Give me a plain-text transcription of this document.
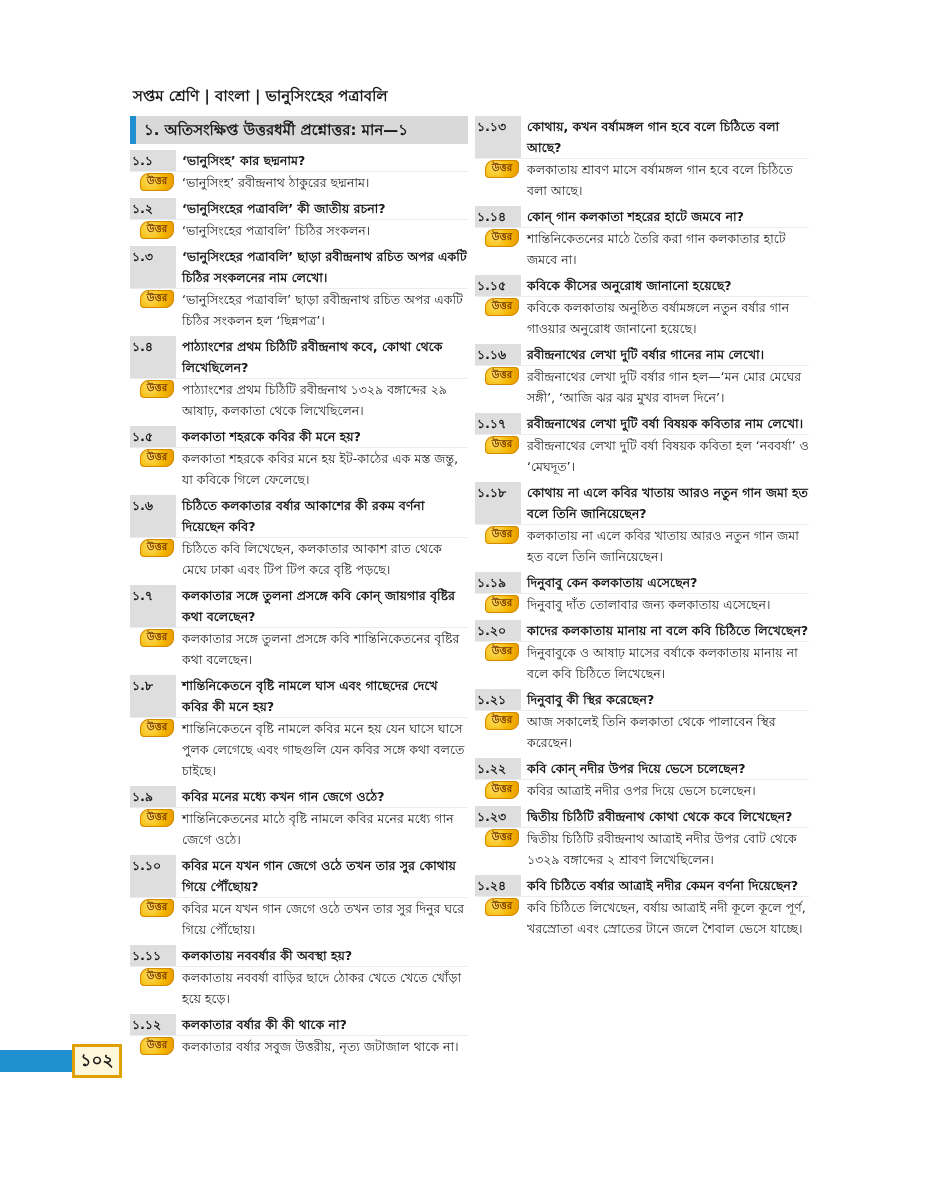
সপ্তম শ্রেণি | বাংলা | ভানুসিংহের পত্রাবলি
১. অতিসংক্ষিপ্ত উত্তরধর্মী প্রশ্নোত্তর: মান—১
১.১	‘ভানুসিংহ’ কার ছদ্মনাম?
উত্তর	‘ভানুসিংহ’ রবীন্দ্রনাথ ঠাকুরের ছদ্মনাম।
১.২	‘ভানুসিংহের পত্রাবলি’ কী জাতীয় রচনা?
উত্তর	‘ভানুসিংহের পত্রাবলি’ চিঠির সংকলন।
১.৩	‘ভানুসিংহের পত্রাবলি’ ছাড়া রবীন্দ্রনাথ রচিত অপর একটি চিঠির সংকলনের নাম লেখো।
উত্তর	‘ভানুসিংহের পত্রাবলি’ ছাড়া রবীন্দ্রনাথ রচিত অপর একটি চিঠির সংকলন হল ‘ছিন্নপত্র’।
১.৪	পাঠ্যাংশের প্রথম চিঠিটি রবীন্দ্রনাথ কবে, কোথা থেকে লিখেছিলেন?
উত্তর	পাঠ্যাংশের প্রথম চিঠিটি রবীন্দ্রনাথ ১৩২৯ বঙ্গাব্দের ২৯ আষাঢ়, কলকাতা থেকে লিখেছিলেন।
১.৫	কলকাতা শহরকে কবির কী মনে হয়?
উত্তর	কলকাতা শহরকে কবির মনে হয় ইট-কাঠের এক মস্ত জন্তু, যা কবিকে গিলে ফেলেছে।
১.৬	চিঠিতে কলকাতার বর্ষার আকাশের কী রকম বর্ণনা দিয়েছেন কবি?
উত্তর	চিঠিতে কবি লিখেছেন, কলকাতার আকাশ রাত থেকে মেঘে ঢাকা এবং টিপ টিপ করে বৃষ্টি পড়ছে।
১.৭	কলকাতার সঙ্গে তুলনা প্রসঙ্গে কবি কোন্ জায়গার বৃষ্টির কথা বলেছেন?
উত্তর	কলকাতার সঙ্গে তুলনা প্রসঙ্গে কবি শান্তিনিকেতনের বৃষ্টির কথা বলেছেন।
১.৮	শান্তিনিকেতনে বৃষ্টি নামলে ঘাস এবং গাছেদের দেখে কবির কী মনে হয়?
উত্তর	শান্তিনিকেতনে বৃষ্টি নামলে কবির মনে হয় যেন ঘাসে ঘাসে পুলক লেগেছে এবং গাছগুলি যেন কবির সঙ্গে কথা বলতে চাইছে।
১.৯	কবির মনের মধ্যে কখন গান জেগে ওঠে?
উত্তর	শান্তিনিকেতনের মাঠে বৃষ্টি নামলে কবির মনের মধ্যে গান জেগে ওঠে।
১.১০	কবির মনে যখন গান জেগে ওঠে তখন তার সুর কোথায় গিয়ে পৌঁছোয়?
উত্তর	কবির মনে যখন গান জেগে ওঠে তখন তার সুর দিনুর ঘরে গিয়ে পৌঁছোয়।
১.১১	কলকাতায় নববর্ষার কী অবস্থা হয়?
উত্তর	কলকাতায় নববর্ষা বাড়ির ছাদে ঠোকর খেতে খেতে খোঁড়া হয়ে হড়ে।
১.১২	কলকাতার বর্ষার কী কী থাকে না?
উত্তর	কলকাতার বর্ষার সবুজ উত্তরীয়, নৃত্য জটাজাল থাকে না।
১.১৩	কোথায়, কখন বর্ষামঙ্গল গান হবে বলে চিঠিতে বলা আছে?
উত্তর	কলকাতায় শ্রাবণ মাসে বর্ষামঙ্গল গান হবে বলে চিঠিতে বলা আছে।
১.১৪	কোন্ গান কলকাতা শহরের হাটে জমবে না?
উত্তর	শান্তিনিকেতনের মাঠে তৈরি করা গান কলকাতার হাটে জমবে না।
১.১৫	কবিকে কীসের অনুরোধ জানানো হয়েছে?
উত্তর	কবিকে কলকাতায় অনুষ্ঠিত বর্ষামঙ্গলে নতুন বর্ষার গান গাওয়ার অনুরোধ জানানো হয়েছে।
১.১৬	রবীন্দ্রনাথের লেখা দুটি বর্ষার গানের নাম লেখো।
উত্তর	রবীন্দ্রনাথের লেখা দুটি বর্ষার গান হল—‘মন মোর মেঘের সঙ্গী’, ‘আজি ঝর ঝর মুখর বাদল দিনে’।
১.১৭	রবীন্দ্রনাথের লেখা দুটি বর্ষা বিষয়ক কবিতার নাম লেখো।
উত্তর	রবীন্দ্রনাথের লেখা দুটি বর্ষা বিষয়ক কবিতা হল ‘নববর্ষা’ ও ‘মেঘদূত’।
১.১৮	কোথায় না এলে কবির খাতায় আরও নতুন গান জমা হত বলে তিনি জানিয়েছেন?
উত্তর	কলকাতায় না এলে কবির খাতায় আরও নতুন গান জমা হত বলে তিনি জানিয়েছেন।
১.১৯	দিনুবাবু কেন কলকাতায় এসেছেন?
উত্তর	দিনুবাবু দাঁত তোলাবার জন্য কলকাতায় এসেছেন।
১.২০	কাদের কলকাতায় মানায় না বলে কবি চিঠিতে লিখেছেন?
উত্তর	দিনুবাবুকে ও আষাঢ় মাসের বর্ষাকে কলকাতায় মানায় না বলে কবি চিঠিতে লিখেছেন।
১.২১	দিনুবাবু কী স্থির করেছেন?
উত্তর	আজ সকালেই তিনি কলকাতা থেকে পালাবেন স্থির করেছেন।
১.২২	কবি কোন্ নদীর উপর দিয়ে ভেসে চলেছেন?
উত্তর	কবির আত্রাই নদীর ওপর দিয়ে ভেসে চলেছেন।
১.২৩	দ্বিতীয় চিঠিটি রবীন্দ্রনাথ কোথা থেকে কবে লিখেছেন?
উত্তর	দ্বিতীয় চিঠিটি রবীন্দ্রনাথ আত্রাই নদীর উপর বোট থেকে ১৩২৯ বঙ্গাব্দের ২ শ্রাবণ লিখেছিলেন।
১.২৪	কবি চিঠিতে বর্ষার আত্রাই নদীর কেমন বর্ণনা দিয়েছেন?
উত্তর	কবি চিঠিতে লিখেছেন, বর্ষায় আত্রাই নদী কূলে কূলে পূর্ণ, খরস্রোতা এবং স্রোতের টানে জলে শৈবাল ভেসে যাচ্ছে।
১০২
